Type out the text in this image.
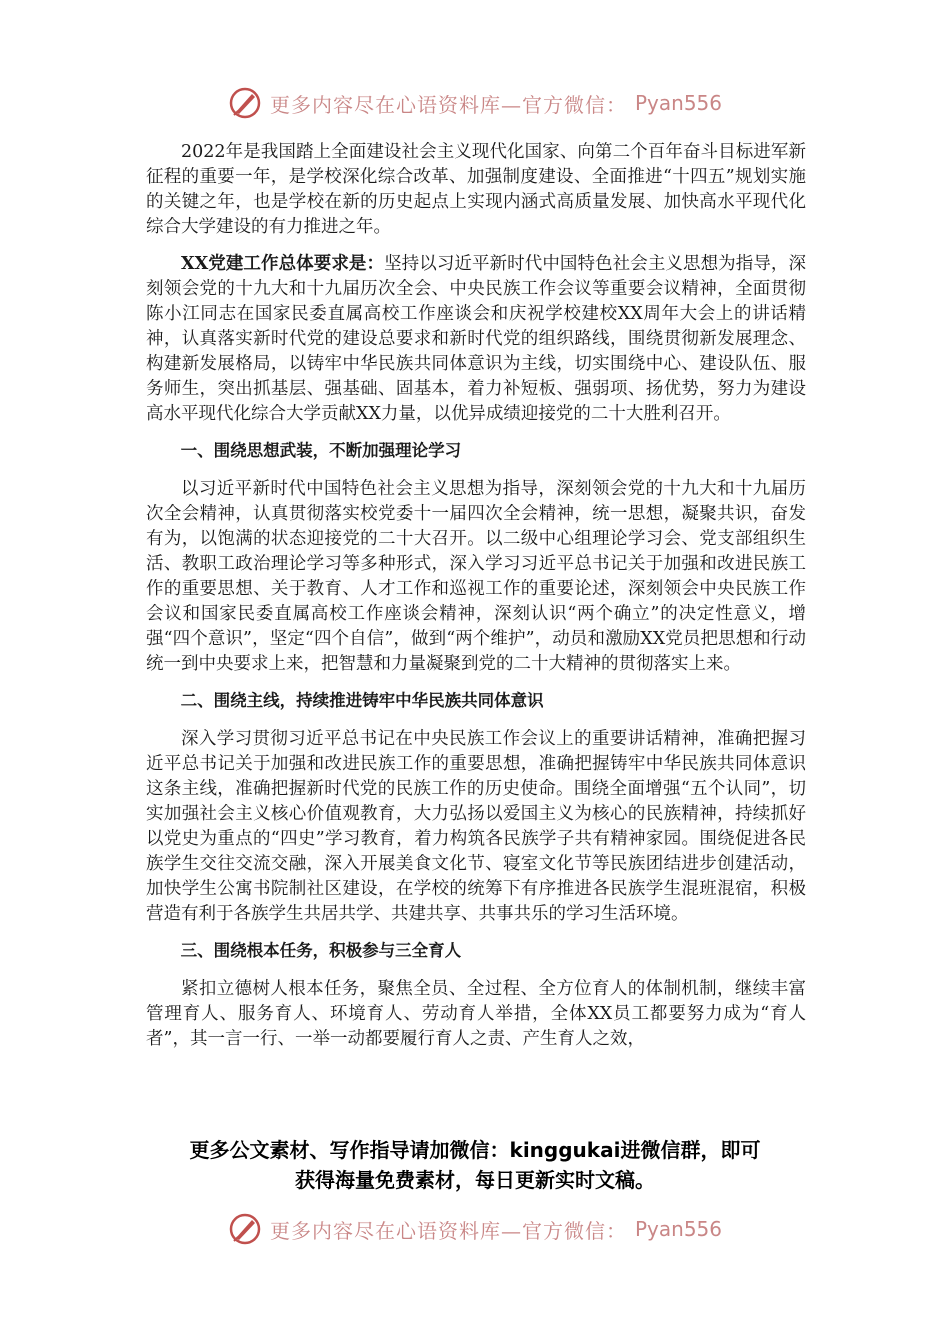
更多内容尽在心语资料库—官方微信： Pyan556

2022年是我国踏上全面建设社会主义现代化国家、向第二个百年奋斗目标进军新征程的重要一年，是学校深化综合改革、加强制度建设、全面推进“十四五”规划实施的关键之年，也是学校在新的历史起点上实现内涵式高质量发展、加快高水平现代化综合大学建设的有力推进之年。

XX党建工作总体要求是：坚持以习近平新时代中国特色社会主义思想为指导，深刻领会党的十九大和十九届历次全会、中央民族工作会议等重要会议精神，全面贯彻陈小江同志在国家民委直属高校工作座谈会和庆祝学校建校XX周年大会上的讲话精神，认真落实新时代党的建设总要求和新时代党的组织路线，围绕贯彻新发展理念、构建新发展格局，以铸牢中华民族共同体意识为主线，切实围绕中心、建设队伍、服务师生，突出抓基层、强基础、固基本，着力补短板、强弱项、扬优势，努力为建设高水平现代化综合大学贡献XX力量，以优异成绩迎接党的二十大胜利召开。

一、围绕思想武装，不断加强理论学习

以习近平新时代中国特色社会主义思想为指导，深刻领会党的十九大和十九届历次全会精神，认真贯彻落实校党委十一届四次全会精神，统一思想，凝聚共识，奋发有为，以饱满的状态迎接党的二十大召开。以二级中心组理论学习会、党支部组织生活、教职工政治理论学习等多种形式，深入学习习近平总书记关于加强和改进民族工作的重要思想、关于教育、人才工作和巡视工作的重要论述，深刻领会中央民族工作会议和国家民委直属高校工作座谈会精神，深刻认识“两个确立”的决定性意义，增强“四个意识”，坚定“四个自信”，做到“两个维护”，动员和激励XX党员把思想和行动统一到中央要求上来，把智慧和力量凝聚到党的二十大精神的贯彻落实上来。

二、围绕主线，持续推进铸牢中华民族共同体意识

深入学习贯彻习近平总书记在中央民族工作会议上的重要讲话精神，准确把握习近平总书记关于加强和改进民族工作的重要思想，准确把握铸牢中华民族共同体意识这条主线，准确把握新时代党的民族工作的历史使命。围绕全面增强“五个认同”，切实加强社会主义核心价值观教育，大力弘扬以爱国主义为核心的民族精神，持续抓好以党史为重点的“四史”学习教育，着力构筑各民族学子共有精神家园。围绕促进各民族学生交往交流交融，深入开展美食文化节、寝室文化节等民族团结进步创建活动，加快学生公寓书院制社区建设，在学校的统筹下有序推进各民族学生混班混宿，积极营造有利于各族学生共居共学、共建共享、共事共乐的学习生活环境。

三、围绕根本任务，积极参与三全育人

紧扣立德树人根本任务，聚焦全员、全过程、全方位育人的体制机制，继续丰富管理育人、服务育人、环境育人、劳动育人举措，全体XX员工都要努力成为“育人者”，其一言一行、一举一动都要履行育人之责、产生育人之效，

更多公文素材、写作指导请加微信：kinggukai进微信群，即可
获得海量免费素材，每日更新实时文稿。
更多内容尽在心语资料库—官方微信： Pyan556
